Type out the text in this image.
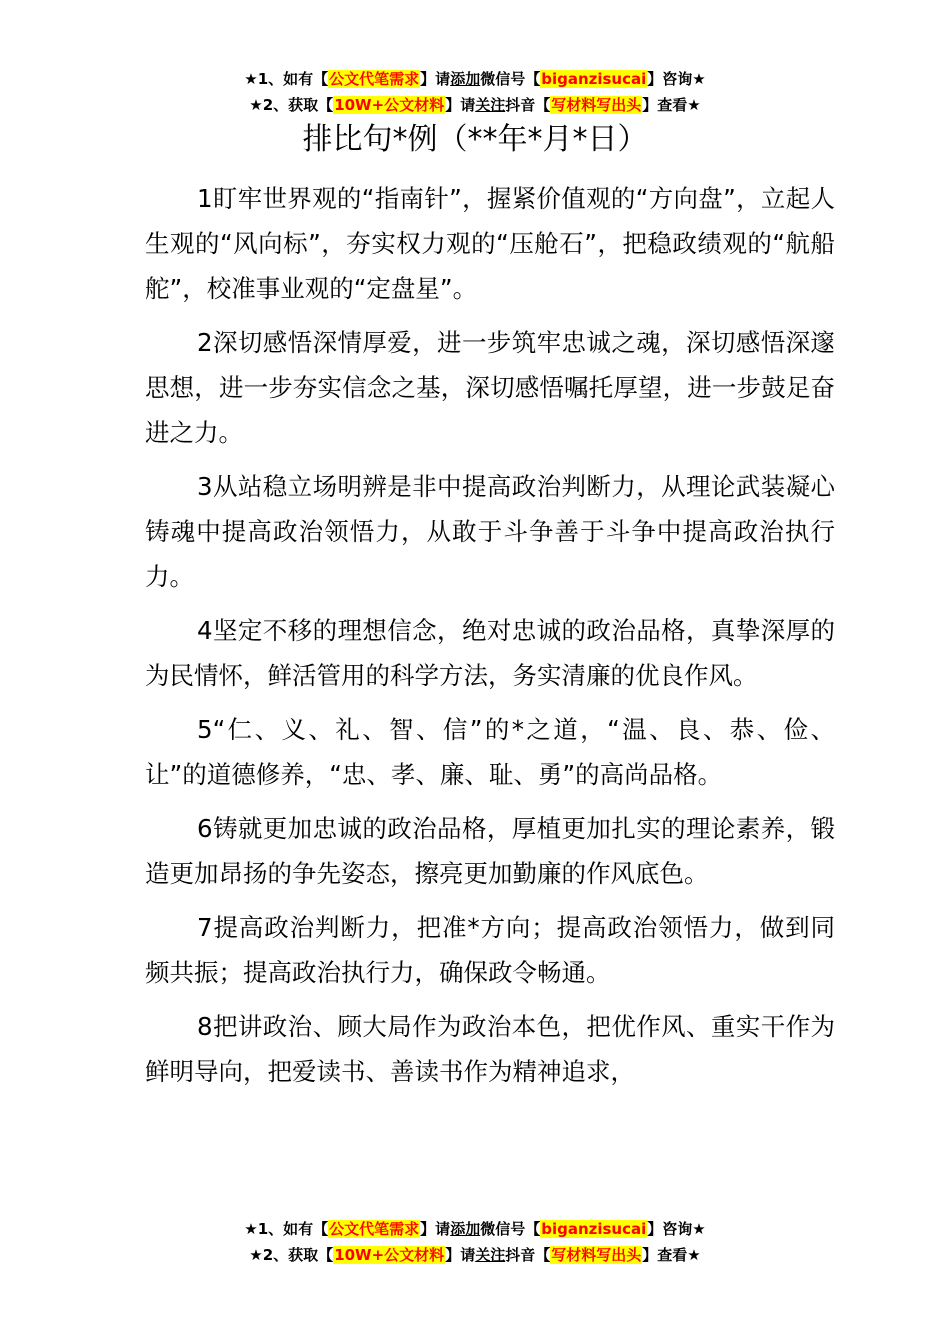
★1、如有【公文代笔需求】请添加微信号【biganzisucai】咨询★
★2、获取【10W+公文材料】请关注抖音【写材料写出头】查看★
排比句*例（**年*月*日）

1盯牢世界观的“指南针”，握紧价值观的“方向盘”，立起人生观的“风向标”，夯实权力观的“压舱石”，把稳政绩观的“航船舵”，校准事业观的“定盘星”。

2深切感悟深情厚爱，进一步筑牢忠诚之魂，深切感悟深邃思想，进一步夯实信念之基，深切感悟嘱托厚望，进一步鼓足奋进之力。

3从站稳立场明辨是非中提高政治判断力，从理论武装凝心铸魂中提高政治领悟力，从敢于斗争善于斗争中提高政治执行力。

4坚定不移的理想信念，绝对忠诚的政治品格，真挚深厚的为民情怀，鲜活管用的科学方法，务实清廉的优良作风。

5“仁、义、礼、智、信”的*之道，“温、良、恭、俭、让”的道德修养，“忠、孝、廉、耻、勇”的高尚品格。

6铸就更加忠诚的政治品格，厚植更加扎实的理论素养，锻造更加昂扬的争先姿态，擦亮更加勤廉的作风底色。

7提高政治判断力，把准*方向；提高政治领悟力，做到同频共振；提高政治执行力，确保政令畅通。

8把讲政治、顾大局作为政治本色，把优作风、重实干作为鲜明导向，把爱读书、善读书作为精神追求，

★1、如有【公文代笔需求】请添加微信号【biganzisucai】咨询★
★2、获取【10W+公文材料】请关注抖音【写材料写出头】查看★
